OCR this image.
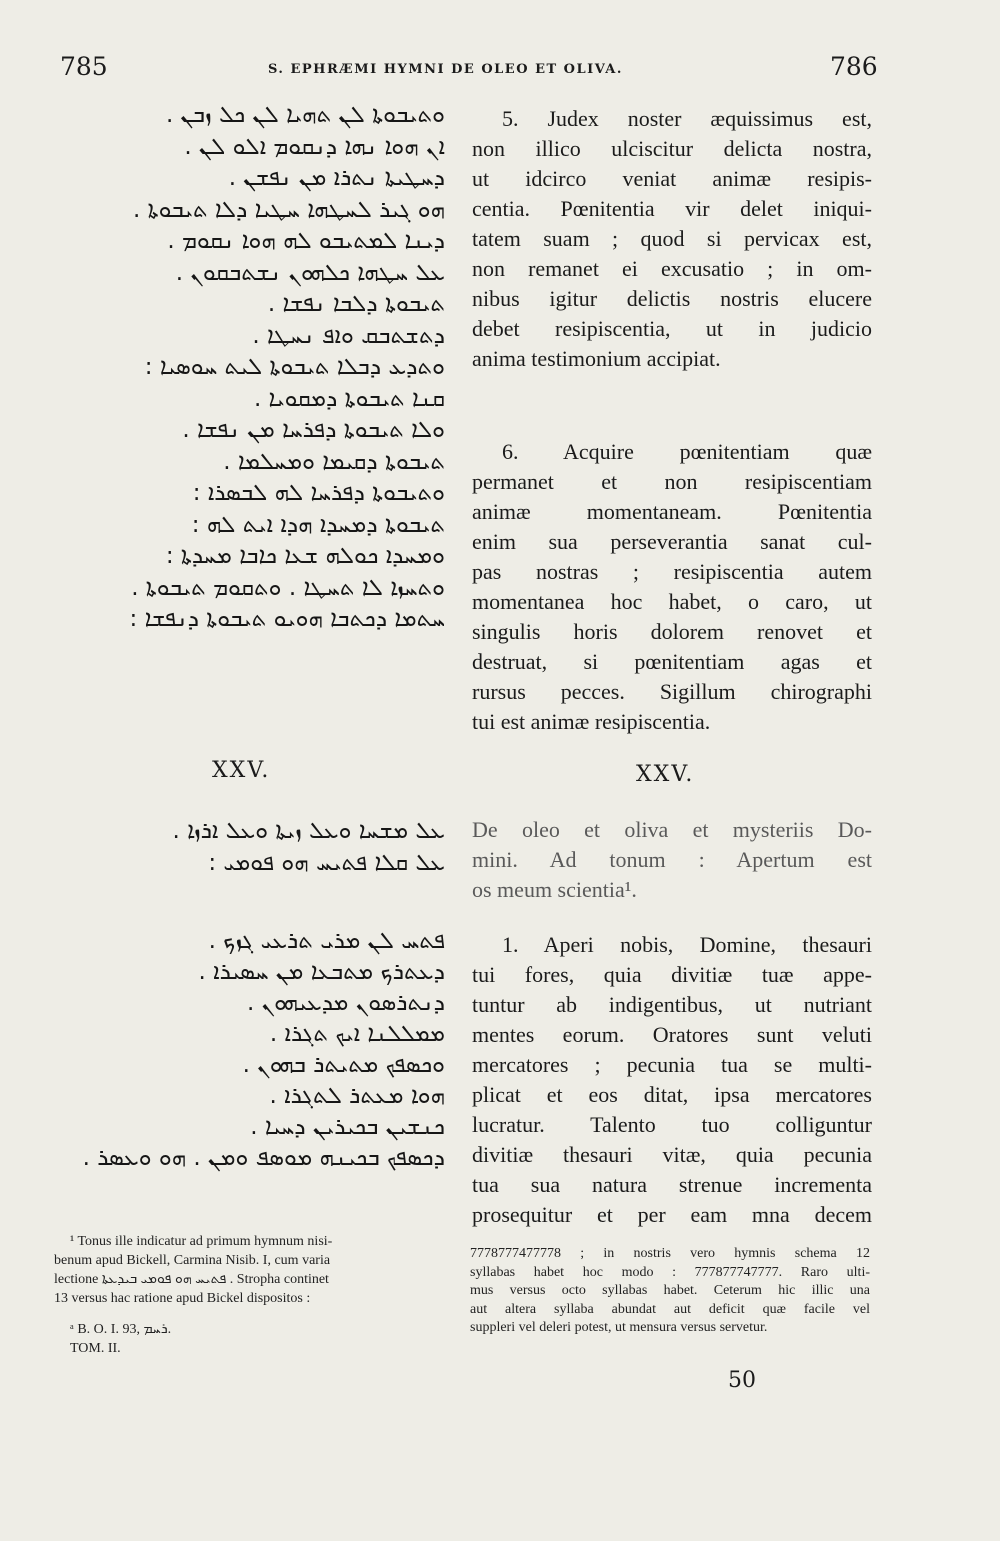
785	S. EPHRÆMI HYMNI DE OLEO ET OLIVA.	786
ܘܬܝܒܘܬܐ ܠܢ ܬܗܝܐ ܠܢ ܟܠ ܙܒܢ .
ܐܢ ܗܘܐ ܢܗܐ ܕܢܩܘܡ ܐܠܘ ܠܢ .
ܕܚܛܝܬܐ ܢܬܪܐ ܡܢ ܢܦܫܢ .
ܗܘ ܓܝܪ ܠܚܛܗܐ ܚܛܝܐ ܕܠܐ ܬܝܒܘܬܐ .
ܕܝܢܐ ܠܡܬܝܒܘ ܠܗ ܗܘܐ ܢܩܘܡ .
ܥܠ ܚܛܗܐ ܟܠܗܘܢ ܢܫܬܒܩܘܢ .
ܬܝܒܘܬܐ ܕܠܒܐ ܢܦܫܐ .
ܕܬܫܬܒܩ ܘܐܦ ܢܚܛܐ .
ܘܬܕܥ ܕܒܠܐ ܬܝܒܘܬܐ ܠܝܬ ܚܘܣܝܐ :
ܩܢܐ ܬܝܒܘܬܐ ܕܡܩܘܝܐ .
ܘܠܐ ܬܝܒܘܬܐ ܕܦܪܚܐ ܡܢ ܢܦܫܐ .
ܬܝܒܘܬܐ ܕܩܝܡܐ ܘܡܚܠܡܐ .
ܘܬܝܒܘܬܐ ܕܦܪܚܐ ܠܗ ܠܒܣܪܐ :
ܬܝܒܘܬܐ ܕܡܚܕܐ ܗܕܐ ܐܝܬ ܠܗ :
ܘܡܚܕܐ ܟܘܠܗ ܫܥܐ ܟܐܒܐ ܡܚܕܬܐ :
ܘܬܚܙܐ ܠܐ ܬܚܛܐ . ܘܬܩܘܡ ܬܝܒܘܬܐ .
ܚܬܡܐ ܕܟܬܒܐ ܗܘܝܘ ܬܝܒܘܬܐ ܕܢܦܫܐ :
XXV.
ܥܠ ܡܫܚܐ ܘܥܠ ܙܝܬܐ ܘܥܠ ܐܪܙܐ .
ܥܠ ܩܠܐ ܦܬܝܚ ܗܘ ܦܘܡܝ :
ܦܬܚ ܠܢ ܡܪܝ ܬܪܥܝ ܓܙܟ .
ܕܥܬܪܟ ܡܬܒܥܐ ܡܢ ܚܣܝܪܐ .
ܕܢܬܪܣܘܢ ܡܕܥܝܗܘܢ .
ܡܡܠܠܢܐ ܐܝܟ ܬܓܪܐ .
ܘܟܣܦܟ ܡܬܝܬܪ ܒܗܘܢ .
ܗܘܐ ܡܥܬܪ ܠܬܓܪܐ .
ܟܢܫܝܢ ܒܟܝܪܝܢ ܕܚܝܐ .
ܕܟܣܦܟ ܒܟܝܢܗ ܡܘܣܦ ܘܡܢ . ܗܘ ܘܥܣܪ .
5. Judex noster æquissimus est,
non illico ulciscitur delicta nostra,
ut idcirco veniat animæ resipis-
centia. Pœnitentia vir delet iniqui-
tatem suam ; quod si pervicax est,
non remanet ei excusatio ; in om-
nibus igitur delictis nostris elucere
debet resipiscentia, ut in judicio
anima testimonium accipiat.
6. Acquire pœnitentiam quæ
permanet et non resipiscentiam
animæ momentaneam. Pœnitentia
enim sua perseverantia sanat cul-
pas nostras ; resipiscentia autem
momentanea hoc habet, o caro, ut
singulis horis dolorem renovet et
destruat, si pœnitentiam agas et
rursus pecces. Sigillum chirographi
tui est animæ resipiscentia.
XXV.
De oleo et oliva et mysteriis Do-
mini. Ad tonum : Apertum est
os meum scientia¹.
1. Aperi nobis, Domine, thesauri
tui fores, quia divitiæ tuæ appe-
tuntur ab indigentibus, ut nutriant
mentes eorum. Oratores sunt veluti
mercatores ; pecunia tua se multi-
plicat et eos ditat, ipsa mercatores
lucratur. Talento tuo colliguntur
divitiæ thesauri vitæ, quia pecunia
tua sua natura strenue incrementa
prosequitur et per eam mna decem
¹ Tonus ille indicatur ad primum hymnum nisi-
benum apud Bickell, Carmina Nisib. I, cum varia
lectione ܦܬܝܚ ܗܘ ܦܘܡܝ ܒܝܕܥܬܐ . Stropha continet
13 versus hac ratione apud Bickel dispositos :
ᵃ B. O. I. 93, ܪܚܡ.
TOM. II.
7778777477778 ; in nostris vero hymnis schema 12
syllabas habet hoc modo : 777877747777. Raro ulti-
mus versus octo syllabas habet. Ceterum hic illic una
aut altera syllaba abundat aut deficit quæ facile vel
suppleri vel deleri potest, ut mensura versus servetur.
50
